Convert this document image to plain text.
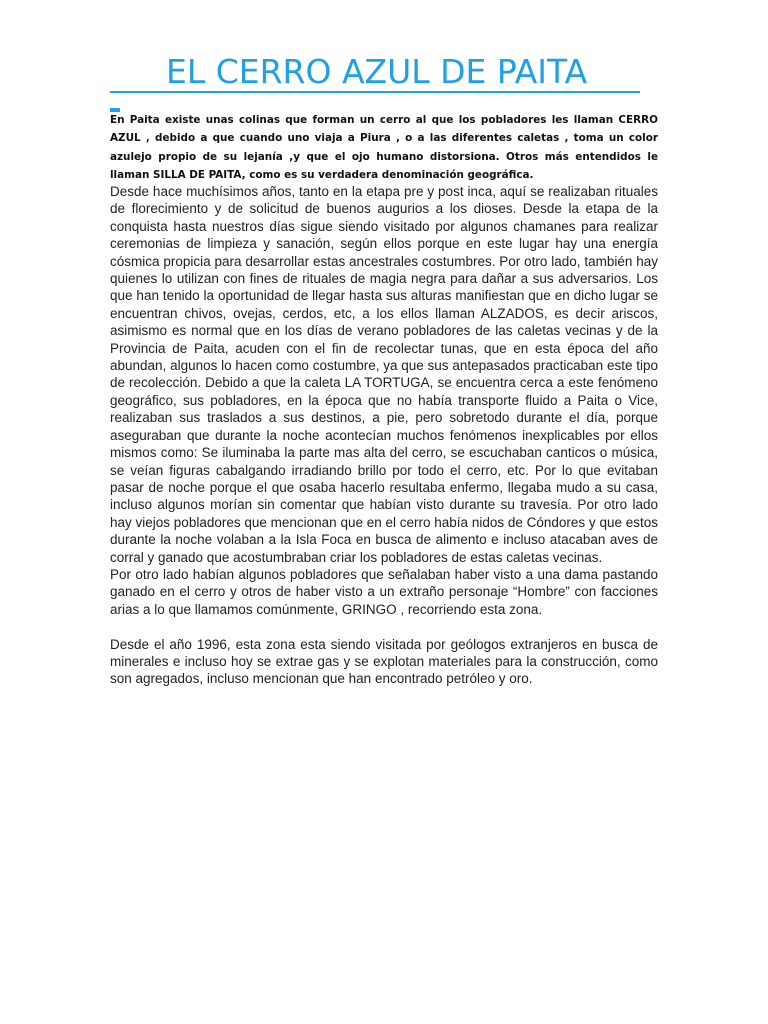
EL CERRO AZUL DE PAITA

En Paita existe unas colinas que forman un cerro al que los pobladores les llaman CERRO AZUL , debido a que cuando uno viaja a Piura , o a las diferentes caletas , toma un color azulejo propio de su lejanía ,y que el ojo humano distorsiona. Otros más entendidos le llaman SILLA DE PAITA, como es su verdadera denominación geográfica.

Desde hace muchísimos años, tanto en la etapa pre y post inca, aquí se realizaban rituales de florecimiento y de solicitud de buenos augurios a los dioses. Desde la etapa de la conquista hasta nuestros días sigue siendo visitado por algunos chamanes para realizar ceremonias de limpieza y sanación, según ellos porque en este lugar hay una energía cósmica propicia para desarrollar estas ancestrales costumbres. Por otro lado, también hay quienes lo utilizan con fines de rituales de magia negra para dañar a sus adversarios. Los que han tenido la oportunidad de llegar hasta sus alturas manifiestan que en dicho lugar se encuentran chivos, ovejas, cerdos, etc, a los ellos llaman ALZADOS, es decir ariscos, asimismo es normal que en los días de verano pobladores de las caletas vecinas y de la Provincia de Paita, acuden con el fin de recolectar tunas, que en esta época del año abundan, algunos lo hacen como costumbre, ya que sus antepasados practicaban este tipo de recolección. Debido a que la caleta LA TORTUGA, se encuentra cerca a este fenómeno geográfico, sus pobladores, en la época que no había transporte fluido a Paita o Vice, realizaban sus traslados a sus destinos, a pie, pero sobretodo durante el día, porque aseguraban que durante la noche acontecían muchos fenómenos inexplicables por ellos mismos como: Se iluminaba la parte mas alta del cerro, se escuchaban canticos o música, se veían figuras cabalgando irradiando brillo por todo el cerro, etc. Por lo que evitaban pasar de noche porque el que osaba hacerlo resultaba enfermo, llegaba mudo a su casa, incluso algunos morían sin comentar que habían visto durante su travesía. Por otro lado hay viejos pobladores que mencionan que en el cerro había nidos de Cóndores y que estos durante la noche volaban a la Isla Foca en busca de alimento e incluso atacaban aves de corral y ganado que acostumbraban criar los pobladores de estas caletas vecinas.

Por otro lado habían algunos pobladores que señalaban haber visto a una dama pastando ganado en el cerro y otros de haber visto a un extraño personaje “Hombre” con facciones arias a lo que llamamos comúnmente, GRINGO , recorriendo esta zona.

Desde el año 1996, esta zona esta siendo visitada por geólogos extranjeros en busca de minerales e incluso hoy se extrae gas y se explotan materiales para la construcción, como son agregados, incluso mencionan que han encontrado petróleo y oro.
